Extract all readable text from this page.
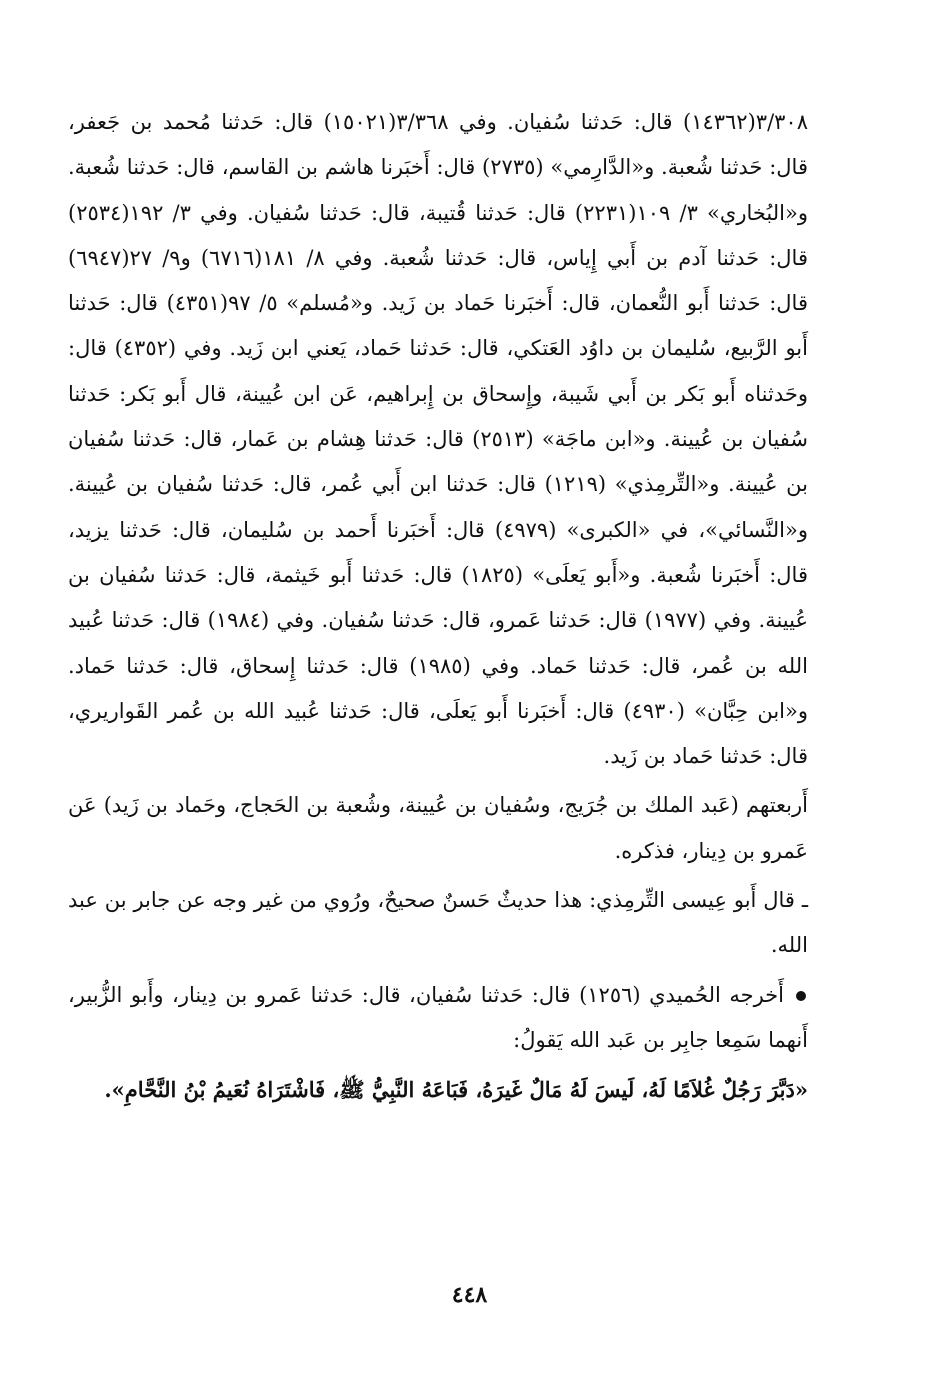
٣/٣٠٨(١٤٣٦٢) قال: حَدثنا سُفيان. وفي ٣/٣٦٨(١٥٠٢١) قال: حَدثنا مُحمد بن جَعفر، قال: حَدثنا شُعبة. و«الدَّارِمي» (٢٧٣٥) قال: أَخبَرنا هاشم بن القاسم، قال: حَدثنا شُعبة. و«البُخاري» ٣/ ١٠٩(٢٢٣١) قال: حَدثنا قُتيبة، قال: حَدثنا سُفيان. وفي ٣/ ١٩٢(٢٥٣٤) قال: حَدثنا آدم بن أَبي إِياس، قال: حَدثنا شُعبة. وفي ٨/ ١٨١(٦٧١٦) و٩/ ٢٧(٦٩٤٧) قال: حَدثنا أَبو النُّعمان، قال: أَخبَرنا حَماد بن زَيد. و«مُسلم» ٥/ ٩٧(٤٣٥١) قال: حَدثنا أَبو الرَّبيع، سُليمان بن داوُد العَتكي، قال: حَدثنا حَماد، يَعني ابن زَيد. وفي (٤٣٥٢) قال: وحَدثناه أَبو بَكر بن أَبي شَيبة، وإِسحاق بن إِبراهيم، عَن ابن عُيينة، قال أَبو بَكر: حَدثنا سُفيان بن عُيينة. و«ابن ماجَة» (٢٥١٣) قال: حَدثنا هِشام بن عَمار، قال: حَدثنا سُفيان بن عُيينة. و«التِّرمِذي» (١٢١٩) قال: حَدثنا ابن أَبي عُمر، قال: حَدثنا سُفيان بن عُيينة. و«النَّسائي»، في «الكبرى» (٤٩٧٩) قال: أَخبَرنا أَحمد بن سُليمان، قال: حَدثنا يزيد، قال: أَخبَرنا شُعبة. و«أَبو يَعلَى» (١٨٢٥) قال: حَدثنا أَبو خَيثمة، قال: حَدثنا سُفيان بن عُيينة. وفي (١٩٧٧) قال: حَدثنا عَمرو، قال: حَدثنا سُفيان. وفي (١٩٨٤) قال: حَدثنا عُبيد الله بن عُمر، قال: حَدثنا حَماد. وفي (١٩٨٥) قال: حَدثنا إِسحاق، قال: حَدثنا حَماد. و«ابن حِبَّان» (٤٩٣٠) قال: أَخبَرنا أَبو يَعلَى، قال: حَدثنا عُبيد الله بن عُمر القَواريري، قال: حَدثنا حَماد بن زَيد.

أَربعتهم (عَبد الملك بن جُرَيج، وسُفيان بن عُيينة، وشُعبة بن الحَجاج، وحَماد بن زَيد) عَن عَمرو بن دِينار، فذكره.

ـ قال أَبو عِيسى التِّرمِذي: هذا حديثٌ حَسنٌ صحيحٌ، ورُوي من غير وجه عن جابر بن عبد الله.

أَخرجه الحُميدي (١٢٥٦) قال: حَدثنا سُفيان، قال: حَدثنا عَمرو بن دِينار، وأَبو الزُّبير، أَنهما سَمِعا جابِر بن عَبد الله يَقولُ:

«دَبَّرَ رَجُلٌ غُلاَمًا لَهُ، لَيسَ لَهُ مَالٌ غَيرَهُ، فَبَاعَهُ النَّبِيُّ ﷺ، فَاشْتَرَاهُ نُعَيمُ بْنُ النَّحَّامِ».

٤٤٨
